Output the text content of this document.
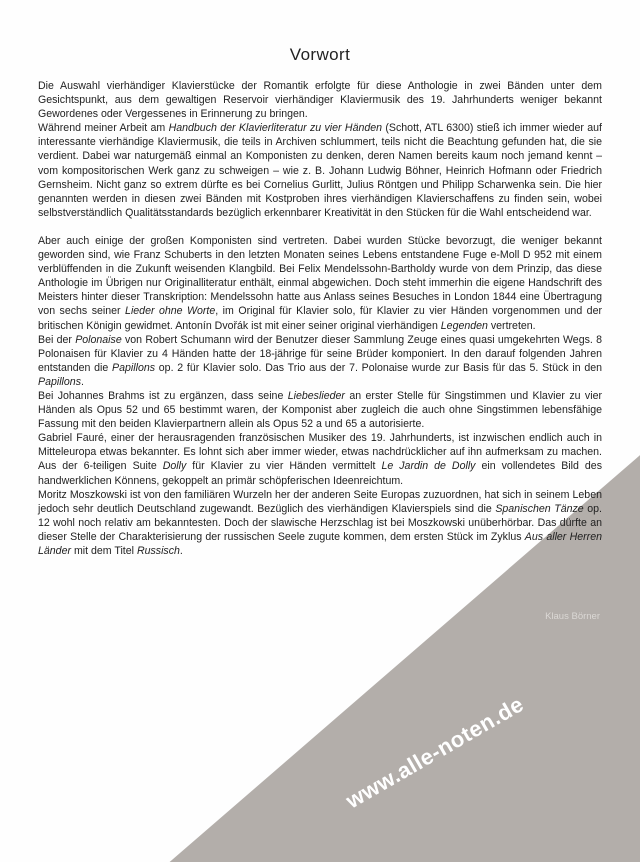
Vorwort

Die Auswahl vierhändiger Klavierstücke der Romantik erfolgte für diese Anthologie in zwei Bänden unter dem Gesichtspunkt, aus dem gewaltigen Reservoir vierhändiger Klaviermusik des 19. Jahrhunderts weniger bekannt Gewordenes oder Vergessenes in Erinnerung zu bringen.

Während meiner Arbeit am Handbuch der Klavierliteratur zu vier Händen (Schott, ATL 6300) stieß ich immer wieder auf interessante vierhändige Klaviermusik, die teils in Archiven schlummert, teils nicht die Beachtung gefunden hat, die sie verdient. Dabei war naturgemäß einmal an Komponisten zu denken, deren Namen bereits kaum noch jemand kennt – vom kompositorischen Werk ganz zu schweigen – wie z. B. Johann Ludwig Böhner, Heinrich Hofmann oder Friedrich Gernsheim. Nicht ganz so extrem dürfte es bei Cornelius Gurlitt, Julius Röntgen und Philipp Scharwenka sein. Die hier genannten werden in diesen zwei Bänden mit Kostproben ihres vierhändigen Klavierschaffens zu finden sein, wobei selbstverständlich Qualitätsstandards bezüglich erkennbarer Kreativität in den Stücken für die Wahl entscheidend war.

Aber auch einige der großen Komponisten sind vertreten. Dabei wurden Stücke bevorzugt, die weniger bekannt geworden sind, wie Franz Schuberts in den letzten Monaten seines Lebens entstandene Fuge e-Moll D 952 mit einem verblüffenden in die Zukunft weisenden Klangbild. Bei Felix Mendelssohn-Bartholdy wurde von dem Prinzip, das diese Anthologie im Übrigen nur Originalliteratur enthält, einmal abgewichen. Doch steht immerhin die eigene Handschrift des Meisters hinter dieser Transkription: Mendelssohn hatte aus Anlass seines Besuches in London 1844 eine Übertragung von sechs seiner Lieder ohne Worte, im Original für Klavier solo, für Klavier zu vier Händen vorgenommen und der britischen Königin gewidmet. Antonín Dvořák ist mit einer seiner original vierhändigen Legenden vertreten.

Bei der Polonaise von Robert Schumann wird der Benutzer dieser Sammlung Zeuge eines quasi umgekehrten Wegs. 8 Polonaisen für Klavier zu 4 Händen hatte der 18-jährige für seine Brüder komponiert. In den darauf folgenden Jahren entstanden die Papillons op. 2 für Klavier solo. Das Trio aus der 7. Polonaise wurde zur Basis für das 5. Stück in den Papillons.

Bei Johannes Brahms ist zu ergänzen, dass seine Liebeslieder an erster Stelle für Singstimmen und Klavier zu vier Händen als Opus 52 und 65 bestimmt waren, der Komponist aber zugleich die auch ohne Singstimmen lebensfähige Fassung mit den beiden Klavierpartnern allein als Opus 52 a und 65 a autorisierte.

Gabriel Fauré, einer der herausragenden französischen Musiker des 19. Jahrhunderts, ist inzwischen endlich auch in Mitteleuropa etwas bekannter. Es lohnt sich aber immer wieder, etwas nachdrücklicher auf ihn aufmerksam zu machen. Aus der 6-teiligen Suite Dolly für Klavier zu vier Händen vermittelt Le Jardin de Dolly ein vollendetes Bild des handwerklichen Könnens, gekoppelt an primär schöpferischen Ideenreichtum.

Moritz Moszkowski ist von den familiären Wurzeln her der anderen Seite Europas zuzuordnen, hat sich in seinem Leben jedoch sehr deutlich Deutschland zugewandt. Bezüglich des vierhändigen Klavierspiels sind die Spanischen Tänze op. 12 wohl noch relativ am bekanntesten. Doch der slawische Herzschlag ist bei Moszkowski unüberhörbar. Das dürfte an dieser Stelle der Charakterisierung der russischen Seele zugute kommen, dem ersten Stück im Zyklus Aus aller Herren Länder mit dem Titel Russisch.

Klaus Börner
www.alle-noten.de
